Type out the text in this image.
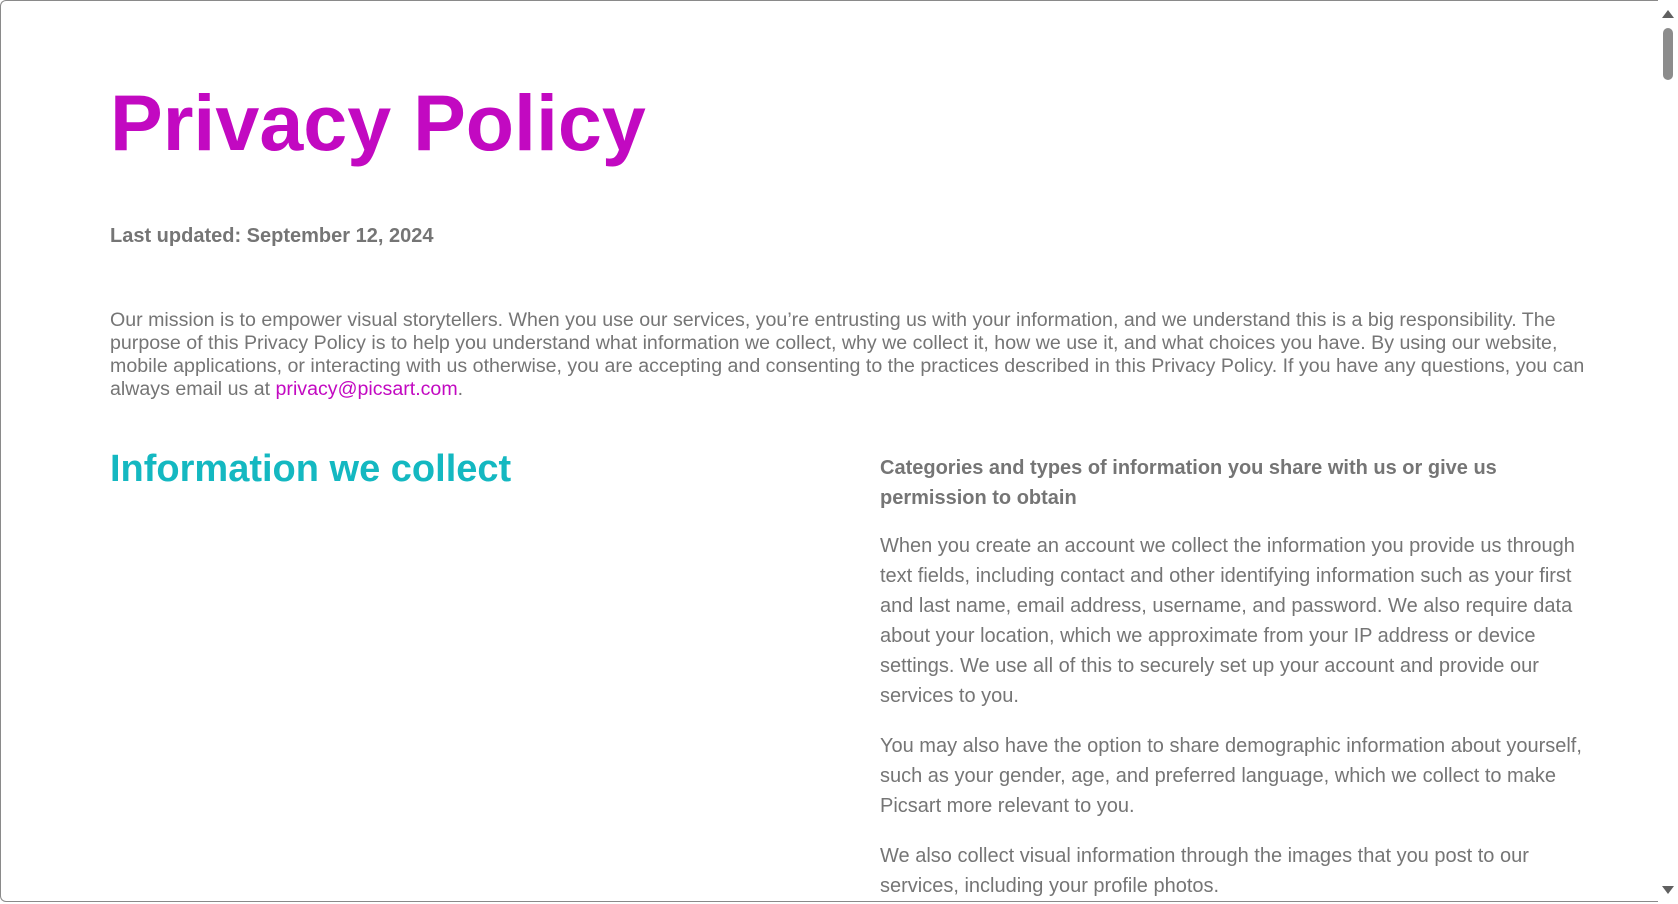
Privacy Policy

Last updated: September 12, 2024

Our mission is to empower visual storytellers. When you use our services, you’re entrusting us with your information, and we understand this is a big responsibility. The purpose of this Privacy Policy is to help you understand what information we collect, why we collect it, how we use it, and what choices you have. By using our website, mobile applications, or interacting with us otherwise, you are accepting and consenting to the practices described in this Privacy Policy. If you have any questions, you can always email us at privacy@picsart.com.

Information we collect	Categories and types of information you share with us or give us permission to obtain

When you create an account we collect the information you provide us through text fields, including contact and other identifying information such as your first and last name, email address, username, and password. We also require data about your location, which we approximate from your IP address or device settings. We use all of this to securely set up your account and provide our services to you.

You may also have the option to share demographic information about yourself, such as your gender, age, and preferred language, which we collect to make Picsart more relevant to you.

We also collect visual information through the images that you post to our services, including your profile photos.
